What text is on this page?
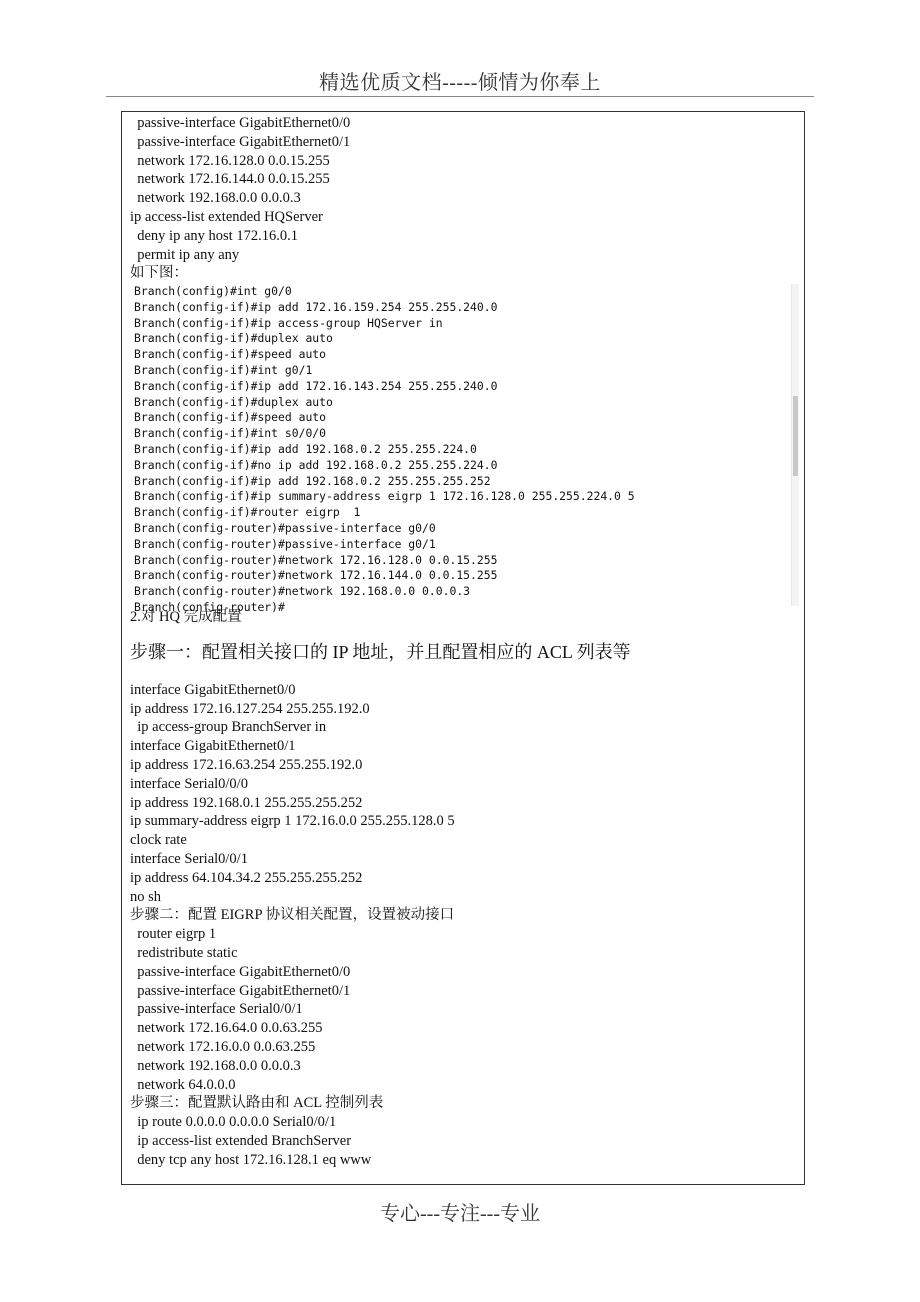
精选优质文档-----倾情为你奉上
passive-interface GigabitEthernet0/0
passive-interface GigabitEthernet0/1
network 172.16.128.0 0.0.15.255
network 172.16.144.0 0.0.15.255
network 192.168.0.0 0.0.0.3
ip access-list extended HQServer
deny ip any host 172.16.0.1
permit ip any any
如下图：
Branch(config)#int g0/0
Branch(config-if)#ip add 172.16.159.254 255.255.240.0
Branch(config-if)#ip access-group HQServer in
Branch(config-if)#duplex auto
Branch(config-if)#speed auto
Branch(config-if)#int g0/1
Branch(config-if)#ip add 172.16.143.254 255.255.240.0
Branch(config-if)#duplex auto
Branch(config-if)#speed auto
Branch(config-if)#int s0/0/0
Branch(config-if)#ip add 192.168.0.2 255.255.224.0
Branch(config-if)#no ip add 192.168.0.2 255.255.224.0
Branch(config-if)#ip add 192.168.0.2 255.255.255.252
Branch(config-if)#ip summary-address eigrp 1 172.16.128.0 255.255.224.0 5
Branch(config-if)#router eigrp  1
Branch(config-router)#passive-interface g0/0
Branch(config-router)#passive-interface g0/1
Branch(config-router)#network 172.16.128.0 0.0.15.255
Branch(config-router)#network 172.16.144.0 0.0.15.255
Branch(config-router)#network 192.168.0.0 0.0.0.3
Branch(config-router)#
2.对 HQ 完成配置
步骤一：配置相关接口的 IP 地址，并且配置相应的 ACL 列表等
interface GigabitEthernet0/0
ip address 172.16.127.254 255.255.192.0
ip access-group BranchServer in
interface GigabitEthernet0/1
ip address 172.16.63.254 255.255.192.0
interface Serial0/0/0
ip address 192.168.0.1 255.255.255.252
ip summary-address eigrp 1 172.16.0.0 255.255.128.0 5
clock rate
interface Serial0/0/1
ip address 64.104.34.2 255.255.255.252
no sh
步骤二：配置 EIGRP 协议相关配置，设置被动接口
router eigrp 1
redistribute static
passive-interface GigabitEthernet0/0
passive-interface GigabitEthernet0/1
passive-interface Serial0/0/1
network 172.16.64.0 0.0.63.255
network 172.16.0.0 0.0.63.255
network 192.168.0.0 0.0.0.3
network 64.0.0.0
步骤三：配置默认路由和 ACL 控制列表
ip route 0.0.0.0 0.0.0.0 Serial0/0/1
ip access-list extended BranchServer
deny tcp any host 172.16.128.1 eq www
专心---专注---专业
